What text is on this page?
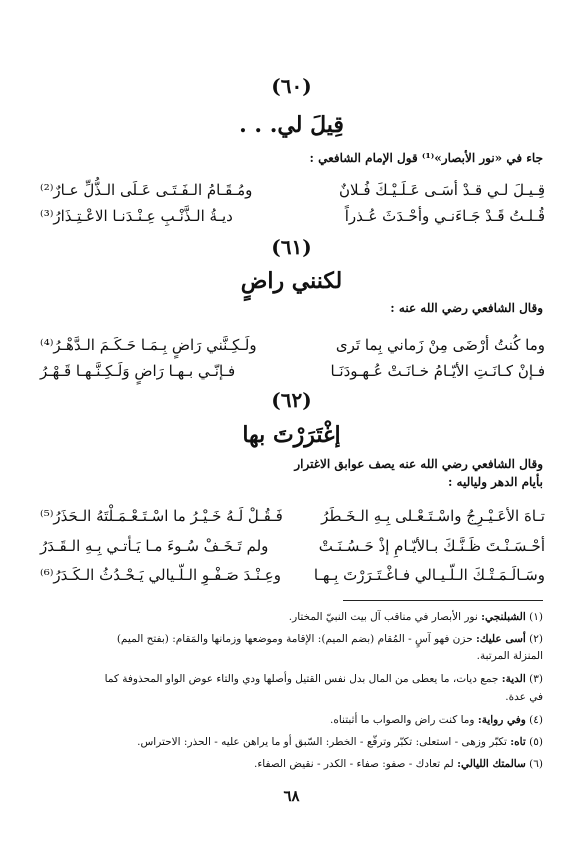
(٦٠)
قِيلَ لي. . .
جاء في «نور الأبصار»⁽¹⁾ قول الإمام الشافعي :
قِـيـلَ لـي قـدْ أسَـى عَـلَـيْـكَ فُـلانٌ
ومُـقَـامُ الـفَـتَـى عَـلَى الـذُّلِّ عـارٌ⁽²⁾
قُـلـتُ قَـدْ جَـاءَنـي وأحْـدَثَ عُـذراً
ديـةُ الـذَّنْـبِ عِـنْـدَنـا الاعْـتِـذَارُ⁽³⁾
(٦١)
لكنني راضٍ
وقال الشافعي رضي الله عنه :
وما كُنتُ أرْضَى مِنْ زَماني بِما تَرى
ولَـكِـنَّني رَاضٍ بِـمَـا حَـكَـمَ الـدَّهْـرُ⁽⁴⁾
فـإنْ كـانَـتِ الأيّـامُ خـانَـتْ عُـهـودَنَـا
فـإنّـي بـهـا رَاضٍ وَلَـكِـنَّـهـا قَـهْـرُ
(٦٢)
إغْتَرَرْتَ بها
وقال الشافعي رضي الله عنه يصف عوابق الاغترار
بأيام الدهر ولياليه :
تـاهَ الأعَـيْـرِجُ واسْـتَـعْـلى بِـهِ الـخَـطَرُ
فَـقُـلْ لَـهُ خَـيْـرُ ما اسْـتَـعْـمَـلْتَهُ الـحَذَرُ⁽⁵⁾
أحْـسَـنْـتَ ظَـنَّـكَ بـالأيّـامِ إذْ حَـسُـنَـتْ
ولم تَـخَـفْ سُـوءَ مـا يَـأتـي بِـهِ الـقَـدَرُ
وسَـالَـمَـتْـكَ الـلّـيـالي فـاغْـتَـرَرْتَ بِـهـا
وعِـنْـدَ صَـفْـوِ الـلّـيالي يَـحْـدُثُ الـكَـدَرُ⁽⁶⁾
(١) الشبلنجي: نور الأبصار في مناقب آل بيت النبيّ المختار.
(٢) أسى عليك: حزن فهو آسٍ - المُقام (بضم الميم): الإقامة وموضعها وزمانها والمَقام: (بفتح الميم)
المنزلة المرتبة.
(٣) الدية: جمع ديات، ما يعطى من المال بدل نفس القتيل وأصلها ودي والتاء عوض الواو المحذوفة كما
في عدة.
(٤) وفي رواية: وما كنت راض والصواب ما أثبتناه.
(٥) تاه: تكبّر وزهى - استعلى: تكبّر وترفّع - الخطر: السّبق أو ما يراهن عليه - الحذر: الاحتراس.
(٦) سالمتك الليالي: لم تعادك - صفو: صفاء - الكدر - نقيض الصفاء.
٦٨
